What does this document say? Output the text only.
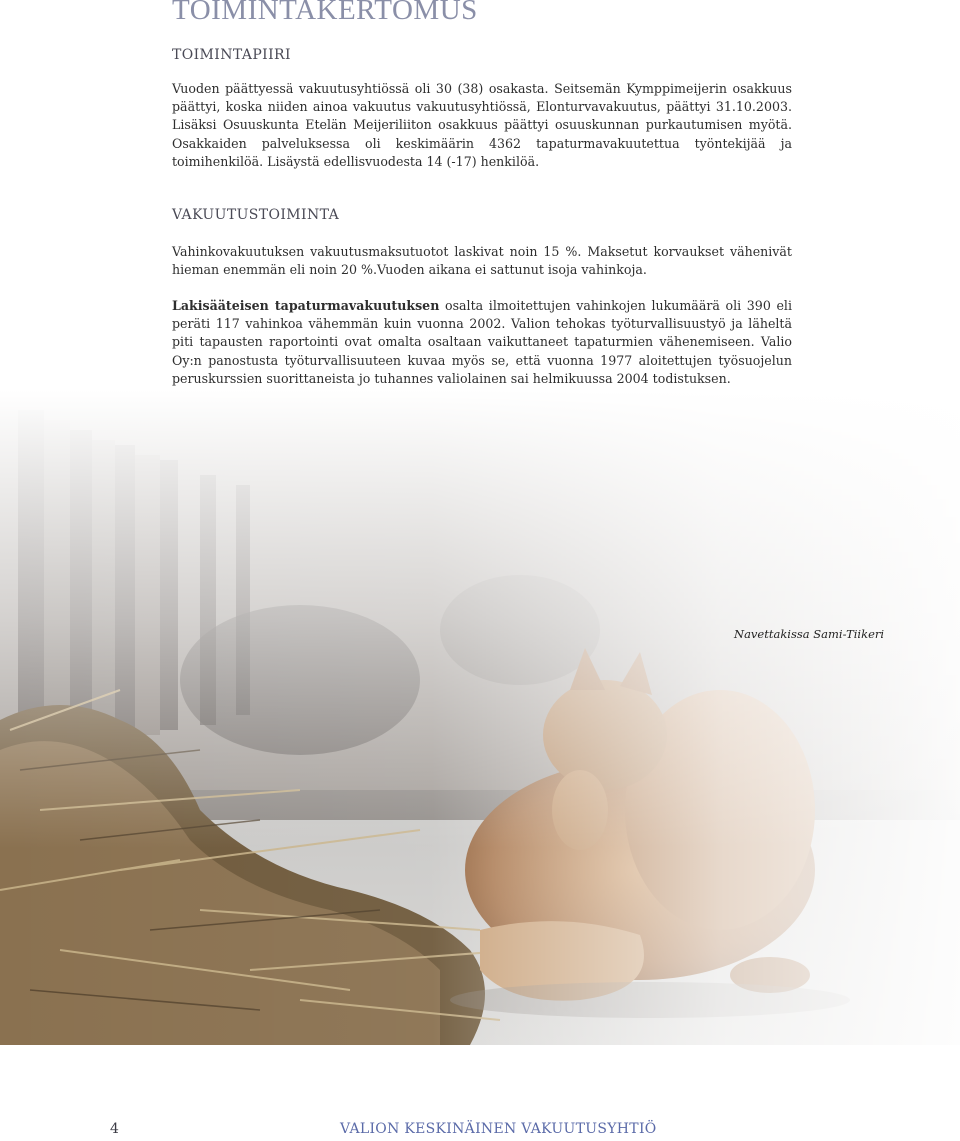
TOIMINTAKERTOMUS
TOIMINTAPIIRI

Vuoden päättyessä vakuutusyhtiössä oli 30 (38) osakasta. Seitsemän Kymppimeijerin osakkuus päättyi, koska niiden ainoa vakuutus vakuutusyhtiössä, Elonturvavakuutus, päättyi 31.10.2003. Lisäksi Osuuskunta Etelän Meijeriliiton osakkuus päättyi osuuskunnan purkautumisen myötä. Osakkaiden palveluksessa oli keskimäärin 4362 tapaturmavakuutettua työntekijää ja toimihenkilöä. Lisäystä edellisvuodesta 14 (-17) henkilöä.

VAKUUTUSTOIMINTA

Vahinkovakuutuksen vakuutusmaksutuotot laskivat noin 15 %. Maksetut korvaukset vähenivät hieman enemmän eli noin 20 %.Vuoden aikana ei sattunut isoja vahinkoja.

Lakisääteisen tapaturmavakuutuksen osalta ilmoitettujen vahinkojen lukumäärä oli 390 eli peräti 117 vahinkoa vähemmän kuin vuonna 2002. Valion tehokas työturvallisuustyö ja läheltä piti tapausten raportointi ovat omalta osaltaan vaikuttaneet tapaturmien vähenemiseen. Valio Oy:n panostusta työturvallisuuteen kuvaa myös se, että vuonna 1977 aloitettujen työsuojelun peruskurssien suorittaneista jo tuhannes valiolainen sai helmikuussa 2004 todistuksen.

Navettakissa Sami-Tiikeri
4	VALION KESKINÄINEN VAKUUTUSYHTIÖ
